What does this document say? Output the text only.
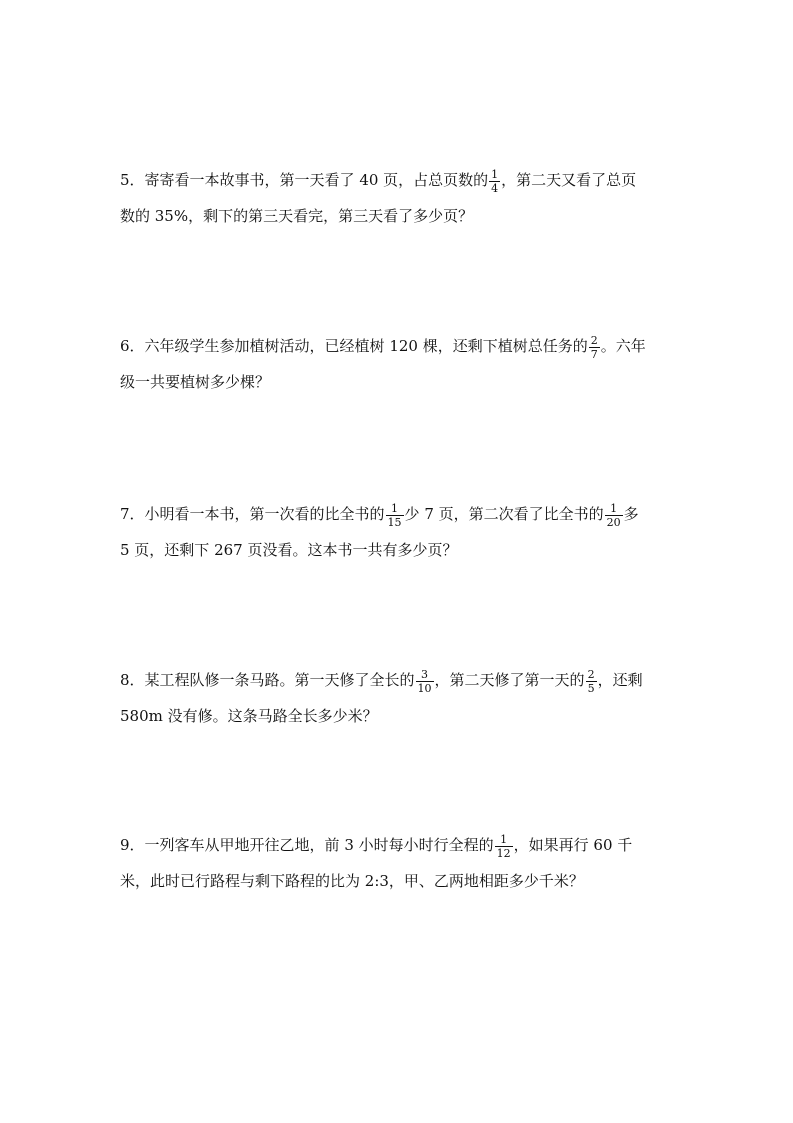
5．寄寄看一本故事书，第一天看了 40 页，占总页数的 $\frac{1}{4}$ ，第二天又看了总页
数的 35%，剩下的第三天看完，第三天看了多少页？
6．六年级学生参加植树活动，已经植树 120 棵，还剩下植树总任务的 $\frac{2}{7}$ 。六年
级一共要植树多少棵？
7．小明看一本书，第一次看的比全书的 $\frac{1}{15}$ 少 7 页，第二次看了比全书的 $\frac{1}{20}$ 多
5 页，还剩下 267 页没看。这本书一共有多少页？
8．某工程队修一条马路。第一天修了全长的 $\frac{3}{10}$ ，第二天修了第一天的 $\frac{2}{5}$ ，还剩
580m 没有修。这条马路全长多少米？
9．一列客车从甲地开往乙地，前 3 小时每小时行全程的 $\frac{1}{12}$ ，如果再行 60 千
米，此时已行路程与剩下路程的比为 2:3，甲、乙两地相距多少千米？
